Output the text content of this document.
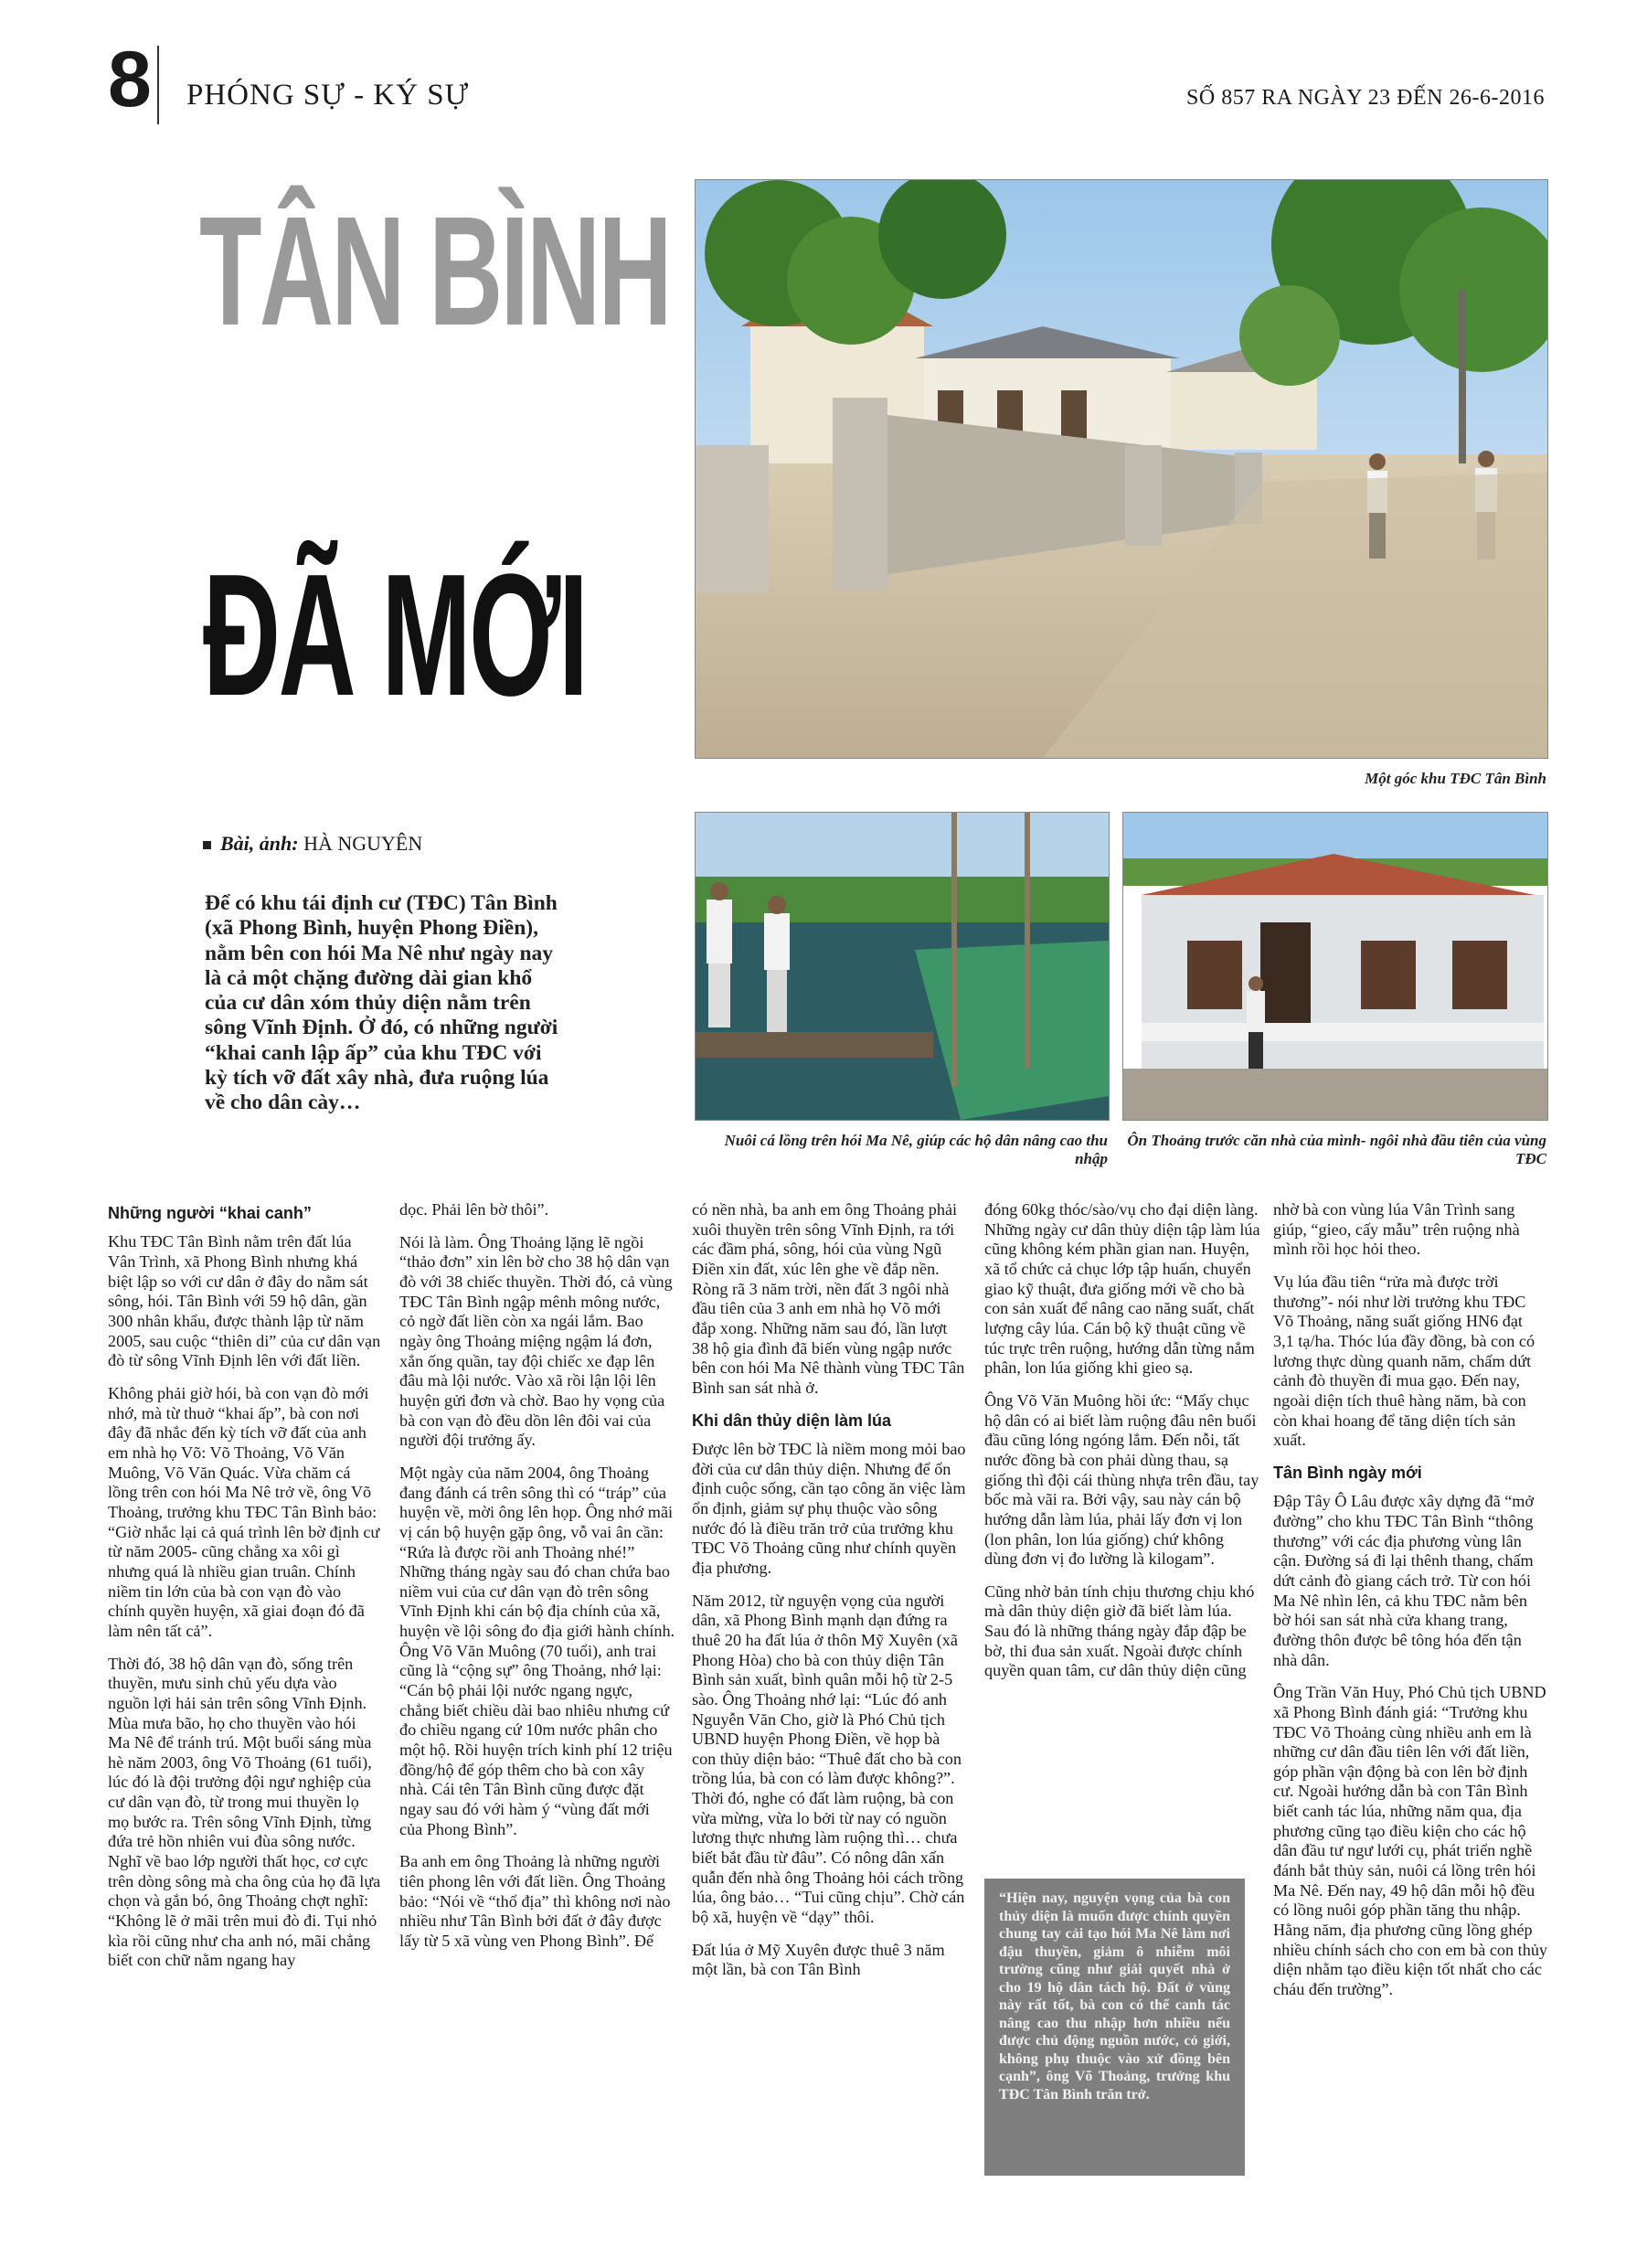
8 PHÓNG SỰ - KÝ SỰ	SỐ 857 RA NGÀY 23 ĐẾN 26-6-2016
TÂN BÌNH
ĐÃ MỚI
Một góc khu TĐC Tân Bình
Bài, ảnh: HÀ NGUYÊN
Để có khu tái định cư (TĐC) Tân Bình (xã Phong Bình, huyện Phong Điền), nằm bên con hói Ma Nê như ngày nay là cả một chặng đường dài gian khổ của cư dân xóm thủy diện nằm trên sông Vĩnh Định. Ở đó, có những người “khai canh lập ấp” của khu TĐC với kỳ tích vỡ đất xây nhà, đưa ruộng lúa về cho dân cày…
Nuôi cá lồng trên hói Ma Nê, giúp các hộ dân nâng cao thu nhập
Ôn Thoảng trước căn nhà của mình- ngôi nhà đầu tiên của vùng TĐC
Những người “khai canh”

Khu TĐC Tân Bình nằm trên đất lúa Vân Trình, xã Phong Bình nhưng khá biệt lập so với cư dân ở đây do nằm sát sông, hói. Tân Bình với 59 hộ dân, gần 300 nhân khẩu, được thành lập từ năm 2005, sau cuộc “thiên di” của cư dân vạn đò từ sông Vĩnh Định lên với đất liền.

Không phải giờ hói, bà con vạn đò mới nhớ, mà từ thuở “khai ấp”, bà con nơi đây đã nhắc đến kỳ tích vỡ đất của anh em nhà họ Võ: Võ Thoảng, Võ Văn Muông, Võ Văn Quác. Vừa chăm cá lồng trên con hói Ma Nê trở về, ông Võ Thoảng, trưởng khu TĐC Tân Bình bảo: “Giờ nhắc lại cả quá trình lên bờ định cư từ năm 2005- cũng chẳng xa xôi gì nhưng quá là nhiều gian truân. Chính niềm tin lớn của bà con vạn đò vào chính quyền huyện, xã giai đoạn đó đã làm nên tất cả”.

Thời đó, 38 hộ dân vạn đò, sống trên thuyền, mưu sinh chủ yếu dựa vào nguồn lợi hải sản trên sông Vĩnh Định. Mùa mưa bão, họ cho thuyền vào hói Ma Nê để tránh trú. Một buổi sáng mùa hè năm 2003, ông Võ Thoảng (61 tuổi), lúc đó là đội trưởng đội ngư nghiệp của cư dân vạn đò, từ trong mui thuyền lọ mọ bước ra. Trên sông Vĩnh Định, từng đứa trẻ hồn nhiên vui đùa sông nước. Nghĩ về bao lớp người thất học, cơ cực trên dòng sông mà cha ông của họ đã lựa chọn và gắn bó, ông Thoảng chợt nghĩ: “Không lẽ ở mãi trên mui đò đi. Tụi nhỏ kìa rồi cũng như cha anh nó, mãi chẳng biết con chữ nằm ngang hay

dọc. Phải lên bờ thôi”.

Nói là làm. Ông Thoảng lặng lẽ ngồi “thảo đơn” xin lên bờ cho 38 hộ dân vạn đò với 38 chiếc thuyền. Thời đó, cả vùng TĐC Tân Bình ngập mênh mông nước, cỏ ngờ đất liền còn xa ngái lắm. Bao ngày ông Thoảng miệng ngậm lá đơn, xắn ống quần, tay đội chiếc xe đạp lên đâu mà lội nước. Vào xã rồi lận lội lên huyện gửi đơn và chờ. Bao hy vọng của bà con vạn đò đều dồn lên đôi vai của người đội trưởng ấy.

Một ngày của năm 2004, ông Thoảng đang đánh cá trên sông thì có “tráp” của huyện về, mời ông lên họp. Ông nhớ mãi vị cán bộ huyện gặp ông, vỗ vai ân cần: “Rứa là được rồi anh Thoảng nhé!” Những tháng ngày sau đó chan chứa bao niềm vui của cư dân vạn đò trên sông Vĩnh Định khi cán bộ địa chính của xã, huyện về lội sông đo địa giới hành chính. Ông Võ Văn Muông (70 tuổi), anh trai cũng là “cộng sự” ông Thoảng, nhớ lại: “Cán bộ phải lội nước ngang ngực, chẳng biết chiều dài bao nhiêu nhưng cứ đo chiều ngang cứ 10m nước phân cho một hộ. Rồi huyện trích kinh phí 12 triệu đồng/hộ để góp thêm cho bà con xây nhà. Cái tên Tân Bình cũng được đặt ngay sau đó với hàm ý “vùng đất mới của Phong Bình”.

Ba anh em ông Thoảng là những người tiên phong lên với đất liền. Ông Thoảng bảo: “Nói về “thổ địa” thì không nơi nào nhiều như Tân Bình bởi đất ở đây được lấy từ 5 xã vùng ven Phong Bình”. Để

có nền nhà, ba anh em ông Thoảng phải xuôi thuyền trên sông Vĩnh Định, ra tới các đầm phá, sông, hói của vùng Ngũ Điền xin đất, xúc lên ghe về đắp nền. Ròng rã 3 năm trời, nền đất 3 ngôi nhà đầu tiên của 3 anh em nhà họ Võ mới đắp xong. Những năm sau đó, lần lượt 38 hộ gia đình đã biến vùng ngập nước bên con hói Ma Nê thành vùng TĐC Tân Bình san sát nhà ở.

Khi dân thủy diện làm lúa

Được lên bờ TĐC là niềm mong mỏi bao đời của cư dân thủy diện. Nhưng để ổn định cuộc sống, cần tạo công ăn việc làm ổn định, giảm sự phụ thuộc vào sông nước đó là điều trăn trở của trưởng khu TĐC Võ Thoảng cũng như chính quyền địa phương.

Năm 2012, từ nguyện vọng của người dân, xã Phong Bình mạnh dạn đứng ra thuê 20 ha đất lúa ở thôn Mỹ Xuyên (xã Phong Hòa) cho bà con thủy diện Tân Bình sản xuất, bình quân mỗi hộ từ 2-5 sào. Ông Thoảng nhớ lại: “Lúc đó anh Nguyễn Văn Cho, giờ là Phó Chủ tịch UBND huyện Phong Điền, về họp bà con thủy diện bảo: “Thuê đất cho bà con trồng lúa, bà con có làm được không?”. Thời đó, nghe có đất làm ruộng, bà con vừa mừng, vừa lo bởi từ nay có nguồn lương thực nhưng làm ruộng thì… chưa biết bắt đầu từ đâu”. Có nông dân xấn quẫn đến nhà ông Thoảng hỏi cách trồng lúa, ông bảo… “Tui cũng chịu”. Chờ cán bộ xã, huyện về “dạy” thôi.

Đất lúa ở Mỹ Xuyên được thuê 3 năm một lần, bà con Tân Bình

đóng 60kg thóc/sào/vụ cho đại diện làng. Những ngày cư dân thủy diện tập làm lúa cũng không kém phần gian nan. Huyện, xã tổ chức cả chục lớp tập huấn, chuyển giao kỹ thuật, đưa giống mới về cho bà con sản xuất để nâng cao năng suất, chất lượng cây lúa. Cán bộ kỹ thuật cũng về túc trực trên ruộng, hướng dẫn từng nắm phân, lon lúa giống khi gieo sạ.

Ông Võ Văn Muông hồi ức: “Mấy chục hộ dân có ai biết làm ruộng đâu nên buổi đầu cũng lóng ngóng lắm. Đến nỗi, tất nước đồng bà con phải dùng thau, sạ giống thì đội cái thùng nhựa trên đầu, tay bốc mà vãi ra. Bởi vậy, sau này cán bộ hướng dẫn làm lúa, phải lấy đơn vị lon (lon phân, lon lúa giống) chứ không dùng đơn vị đo lường là kilogam”.

Cũng nhờ bản tính chịu thương chịu khó mà dân thủy diện giờ đã biết làm lúa. Sau đó là những tháng ngày đắp đập be bờ, thi đua sản xuất. Ngoài được chính quyền quan tâm, cư dân thủy diện cũng

“Hiện nay, nguyện vọng của bà con thủy diện là muốn được chính quyền chung tay cải tạo hói Ma Nê làm nơi đậu thuyền, giảm ô nhiễm môi trường cũng như giải quyết nhà ở cho 19 hộ dân tách hộ. Đất ở vùng này rất tốt, bà con có thể canh tác nâng cao thu nhập hơn nhiều nếu được chủ động nguồn nước, cỏ giới, không phụ thuộc vào xử đồng bên cạnh”, ông Võ Thoảng, trưởng khu TĐC Tân Bình trăn trở.

nhờ bà con vùng lúa Vân Trình sang giúp, “gieo, cấy mẫu” trên ruộng nhà mình rồi học hỏi theo.

Vụ lúa đầu tiên “rửa mà được trời thương”- nói như lời trưởng khu TĐC Võ Thoảng, năng suất giống HN6 đạt 3,1 tạ/ha. Thóc lúa đầy đồng, bà con có lương thực dùng quanh năm, chấm dứt cảnh đò thuyền đi mua gạo. Đến nay, ngoài diện tích thuê hàng năm, bà con còn khai hoang để tăng diện tích sản xuất.

Tân Bình ngày mới

Đập Tây Ô Lâu được xây dựng đã “mở đường” cho khu TĐC Tân Bình “thông thương” với các địa phương vùng lân cận. Đường sá đi lại thênh thang, chấm dứt cảnh đò giang cách trở. Từ con hói Ma Nê nhìn lên, cả khu TĐC nằm bên bờ hói san sát nhà cửa khang trang, đường thôn được bê tông hóa đến tận nhà dân.

Ông Trần Văn Huy, Phó Chủ tịch UBND xã Phong Bình đánh giá: “Trưởng khu TĐC Võ Thoảng cùng nhiều anh em là những cư dân đầu tiên lên với đất liền, góp phần vận động bà con lên bờ định cư. Ngoài hướng dẫn bà con Tân Bình biết canh tác lúa, những năm qua, địa phương cũng tạo điều kiện cho các hộ dân đầu tư ngư lưới cụ, phát triển nghề đánh bắt thủy sản, nuôi cá lồng trên hói Ma Nê. Đến nay, 49 hộ dân mỗi hộ đều có lồng nuôi góp phần tăng thu nhập. Hằng năm, địa phương cũng lồng ghép nhiều chính sách cho con em bà con thủy diện nhằm tạo điều kiện tốt nhất cho các cháu đến trường”.
